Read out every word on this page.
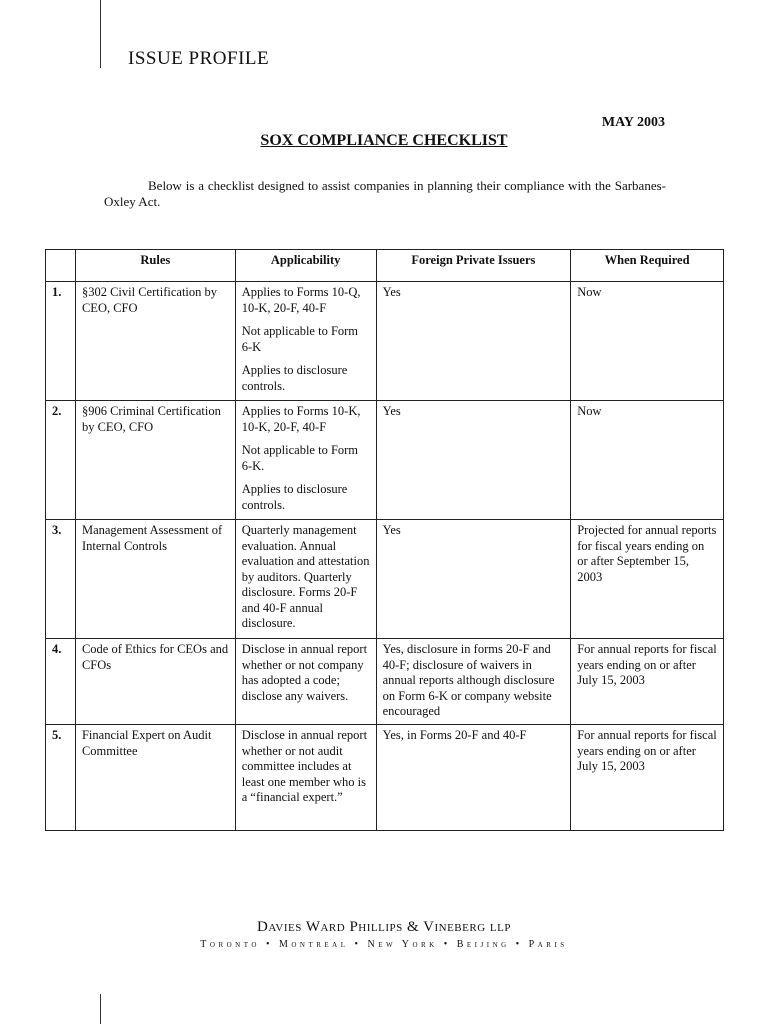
ISSUE PROFILE
MAY 2003
SOX COMPLIANCE CHECKLIST
Below is a checklist designed to assist companies in planning their compliance with the Sarbanes-Oxley Act.
	Rules	Applicability	Foreign Private Issuers	When Required
1.	§302 Civil Certification by CEO, CFO	Applies to Forms 10-Q, 10-K, 20-F, 40-F

Not applicable to Form 6-K

Applies to disclosure controls.	Yes	Now
2.	§906 Criminal Certification by CEO, CFO	Applies to Forms 10-K, 10-K, 20-F, 40-F

Not applicable to Form 6-K.

Applies to disclosure controls.	Yes	Now
3.	Management Assessment of Internal Controls	Quarterly management evaluation. Annual evaluation and attestation by auditors. Quarterly disclosure. Forms 20-F and 40-F annual disclosure.	Yes	Projected for annual reports for fiscal years ending on or after September 15, 2003
4.	Code of Ethics for CEOs and CFOs	Disclose in annual report whether or not company has adopted a code; disclose any waivers.	Yes, disclosure in forms 20-F and 40-F; disclosure of waivers in annual reports although disclosure on Form 6-K or company website encouraged	For annual reports for fiscal years ending on or after July 15, 2003
5.	Financial Expert on Audit Committee	Disclose in annual report whether or not audit committee includes at least one member who is a “financial expert.”	Yes, in Forms 20-F and 40-F	For annual reports for fiscal years ending on or after July 15, 2003
Davies Ward Phillips & Vineberg llp
Toronto • Montreal • New York • Beijing • Paris
